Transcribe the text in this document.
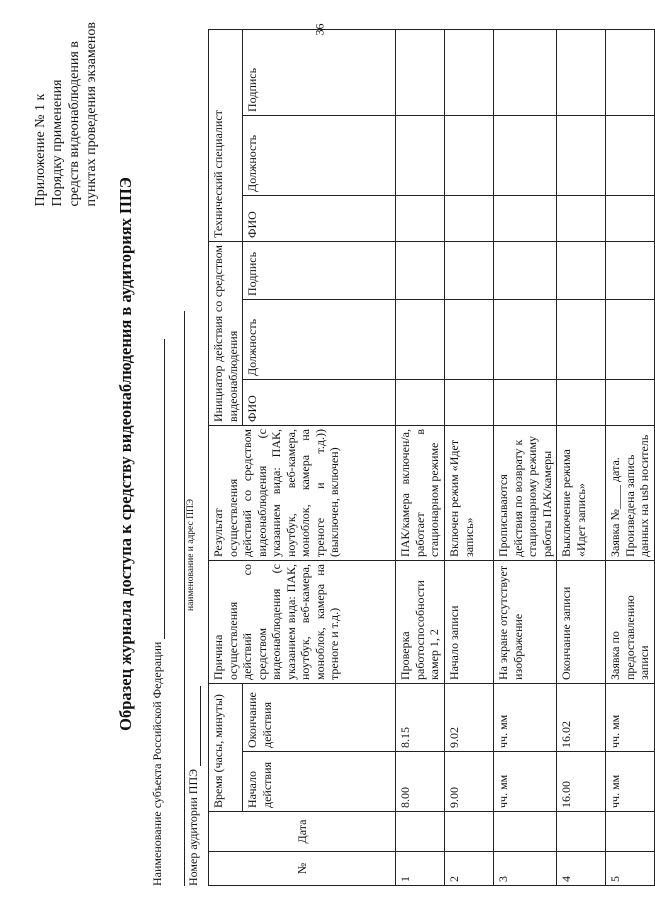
36
Приложение № 1 к Порядку применения средств видеонаблюдения в пунктах проведения экзаменов
Образец журнала доступа к средству видеонаблюдения в аудиториях ППЭ
Наименование субъекта Российской Федерации
наименование и адрес ППЭ
Номер аудитории ППЭ	№	Дата	Время (часы, минуты)		Причина осуществления действий со средством видеонаблюдения (с указанием вида: ПАК, ноутбук, веб-камера, моноблок, камера на треноге и т.д.)	Результат осуществления действий со средством видеонаблюдения (с указанием вида: ПАК, ноутбук, веб-камера, моноблок, камера на треноге и т.д.)) (выключен, включен)	Инициатор действия со средством видеонаблюдения			Технический специалист		
		Начало действия	Окончание действия			ФИО	Должность	Подпись	ФИО	Должность	Подпись
1		8.00	8.15	Проверка работоспособности камер 1, 2	ПАК/камера включен/а, работает в стационарном режиме						
2		9.00	9.02	Начало записи	Включен режим «Идет запись»						
3		чч. мм	чч. мм	На экране отсутствует изображение	Прописываются действия по возврату к стационарному режиму работы ПАК/камеры						
4		16.00	16.02	Окончание записи	Выключение режима «Идет запись»						
5		чч. мм	чч. мм	Заявка по предоставлению записи	Заявка №____ дата. Произведена запись данных на usb носитель						
